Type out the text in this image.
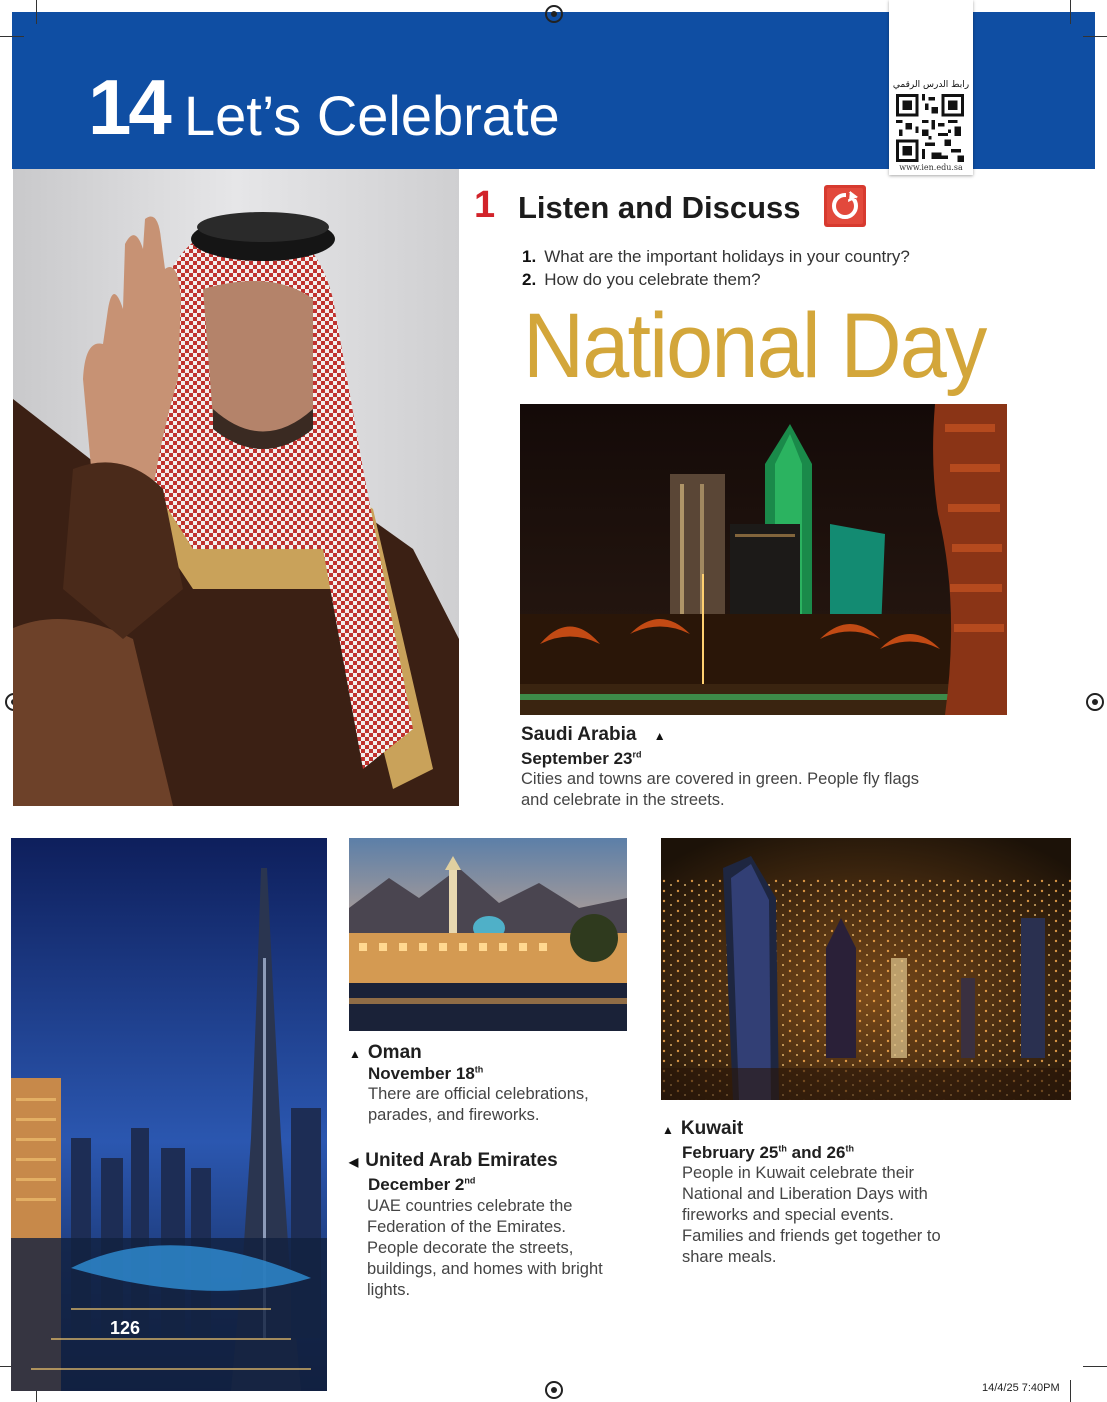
14 Let’s Celebrate	رابط الدرس الرقمي
www.ien.edu.sa
1 Listen and Discuss
1. What are the important holidays in your country?
2. How do you celebrate them?
National Day
Saudi Arabia ▲
September 23rd
Cities and towns are covered in green. People fly flags
and celebrate in the streets.
126
▲ Oman
November 18th
There are official celebrations,
parades, and fireworks.
◀ United Arab Emirates
December 2nd
UAE countries celebrate the
Federation of the Emirates.
People decorate the streets,
buildings, and homes with bright
lights.
▲ Kuwait
February 25th and 26th
People in Kuwait celebrate their
National and Liberation Days with
fireworks and special events.
Families and friends get together to
share meals.
14/4/25 7:40PM
